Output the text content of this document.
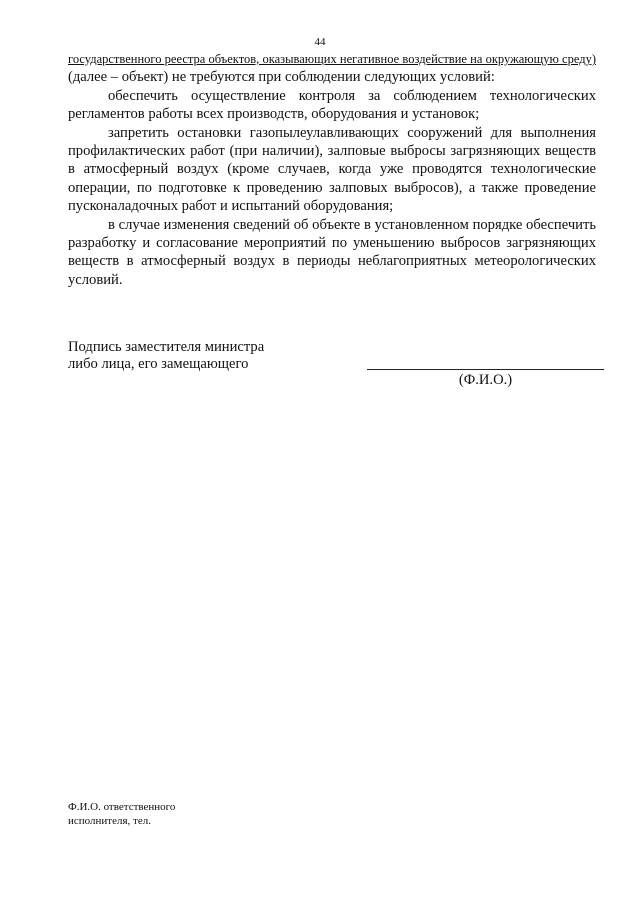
44

государственного реестра объектов, оказывающих негативное воздействие на окружающую среду) (далее – объект) не требуются при соблюдении следующих условий:

обеспечить осуществление контроля за соблюдением технологических регламентов работы всех производств, оборудования и установок;

запретить остановки газопылеулавливающих сооружений для выполнения профилактических работ (при наличии), залповые выбросы загрязняющих веществ в атмосферный воздух (кроме случаев, когда уже проводятся технологические операции, по подготовке к проведению залповых выбросов), а также проведение пусконаладочных работ и испытаний оборудования;

в случае изменения сведений об объекте в установленном порядке обеспечить разработку и согласование мероприятий по уменьшению выбросов загрязняющих веществ в атмосферный воздух в периоды неблагоприятных метеорологических условий.

Подпись заместителя министра
либо лица, его замещающего
(Ф.И.О.)
Ф.И.О. ответственного
исполнителя, тел.
